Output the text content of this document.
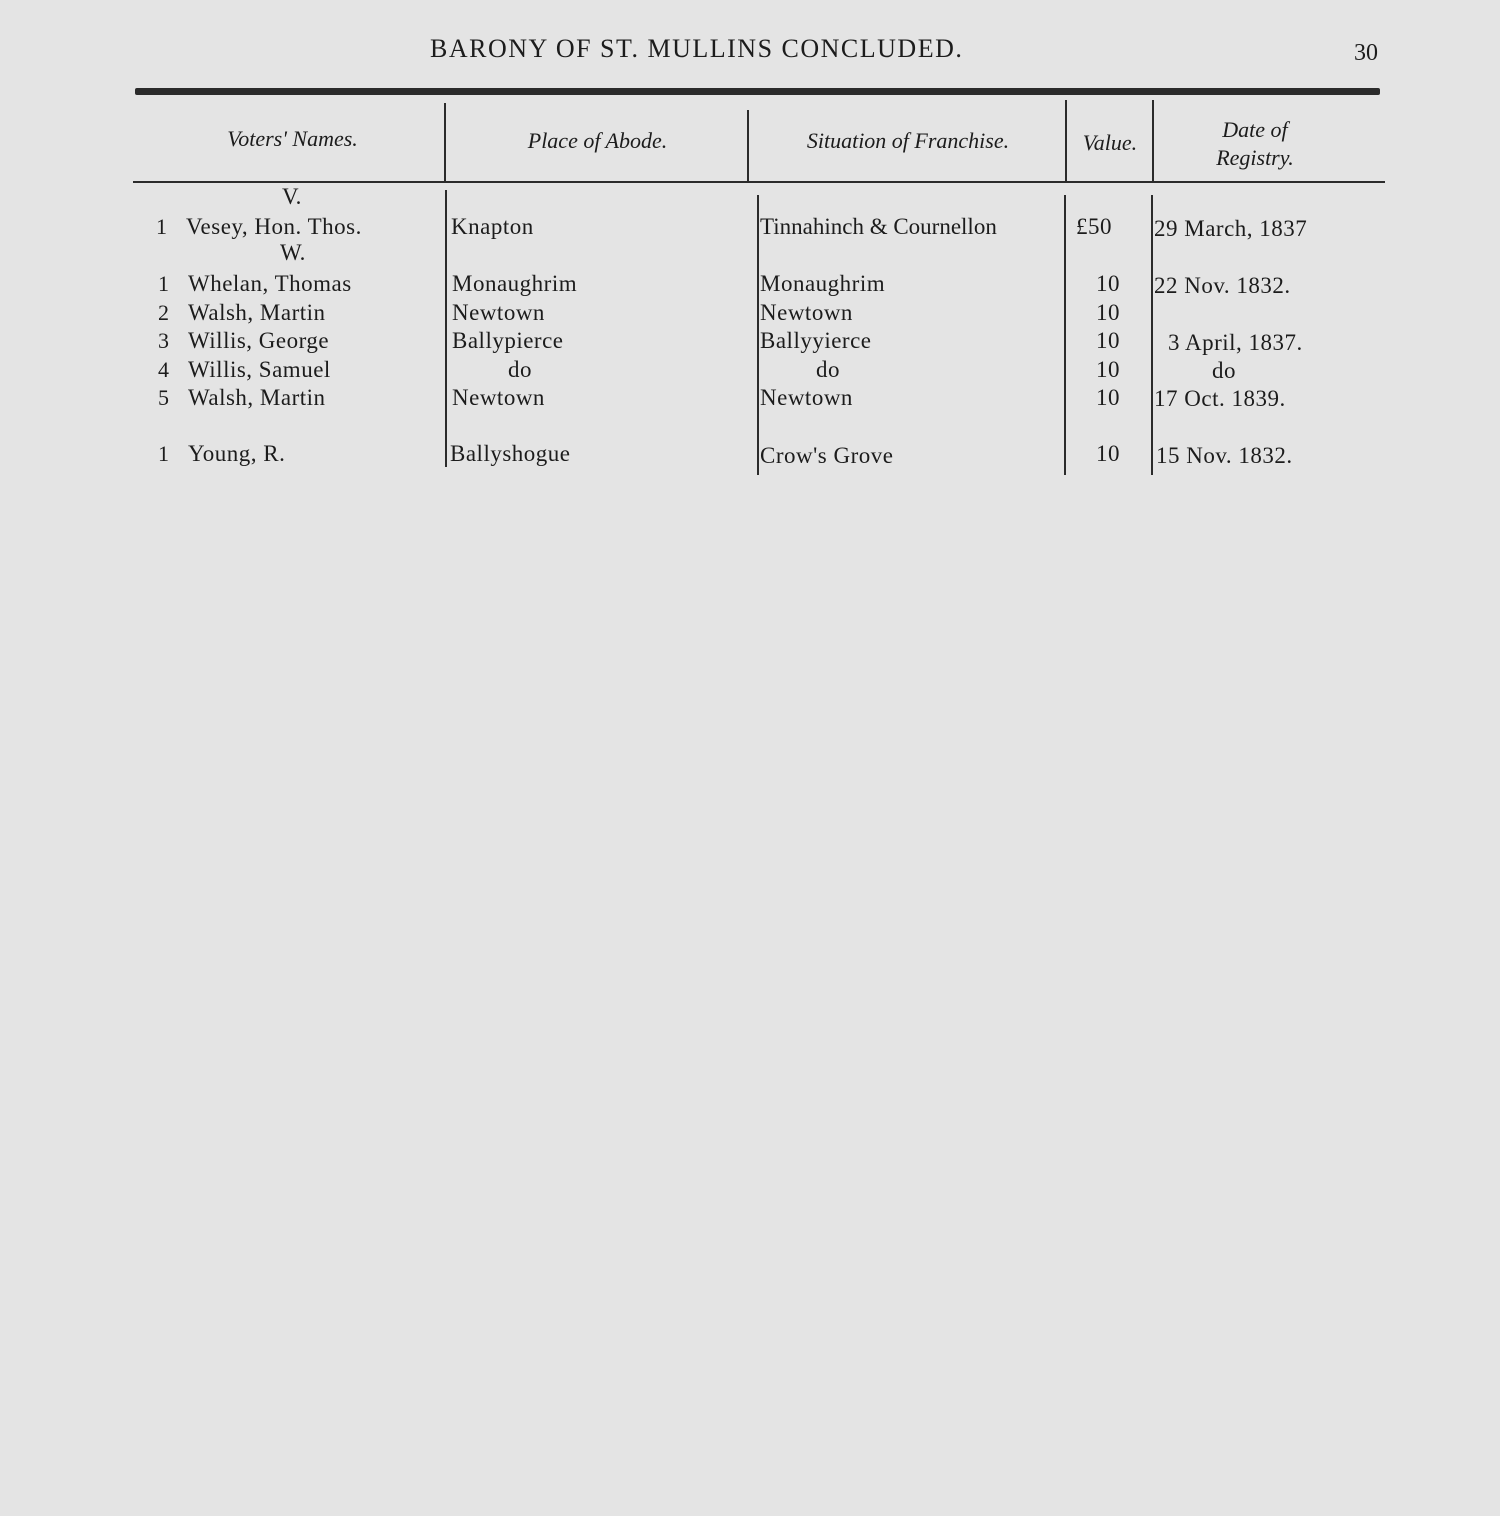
BARONY OF ST. MULLINS CONCLUDED.	30
Voters' Names.	Place of Abode.	Situation of Franchise.	Value.
Date of
Registry.
V.
W.
1 Vesey, Hon. Thos.	Knapton	Tinnahinch & Cournellon	£50 29 March, 1837
1 Whelan, Thomas	Monaughrim	Monaughrim	10 22 Nov. 1832.
2 Walsh, Martin	Newtown	Newtown	10
3 Willis, George	Ballypierce	Ballyyierce	10 3 April, 1837.
4 Willis, Samuel	do	do	10	do
5 Walsh, Martin	Newtown	Newtown	10 17 Oct. 1839.
1 Young, R.	Ballyshogue	Crow's Grove	10 15 Nov. 1832.
